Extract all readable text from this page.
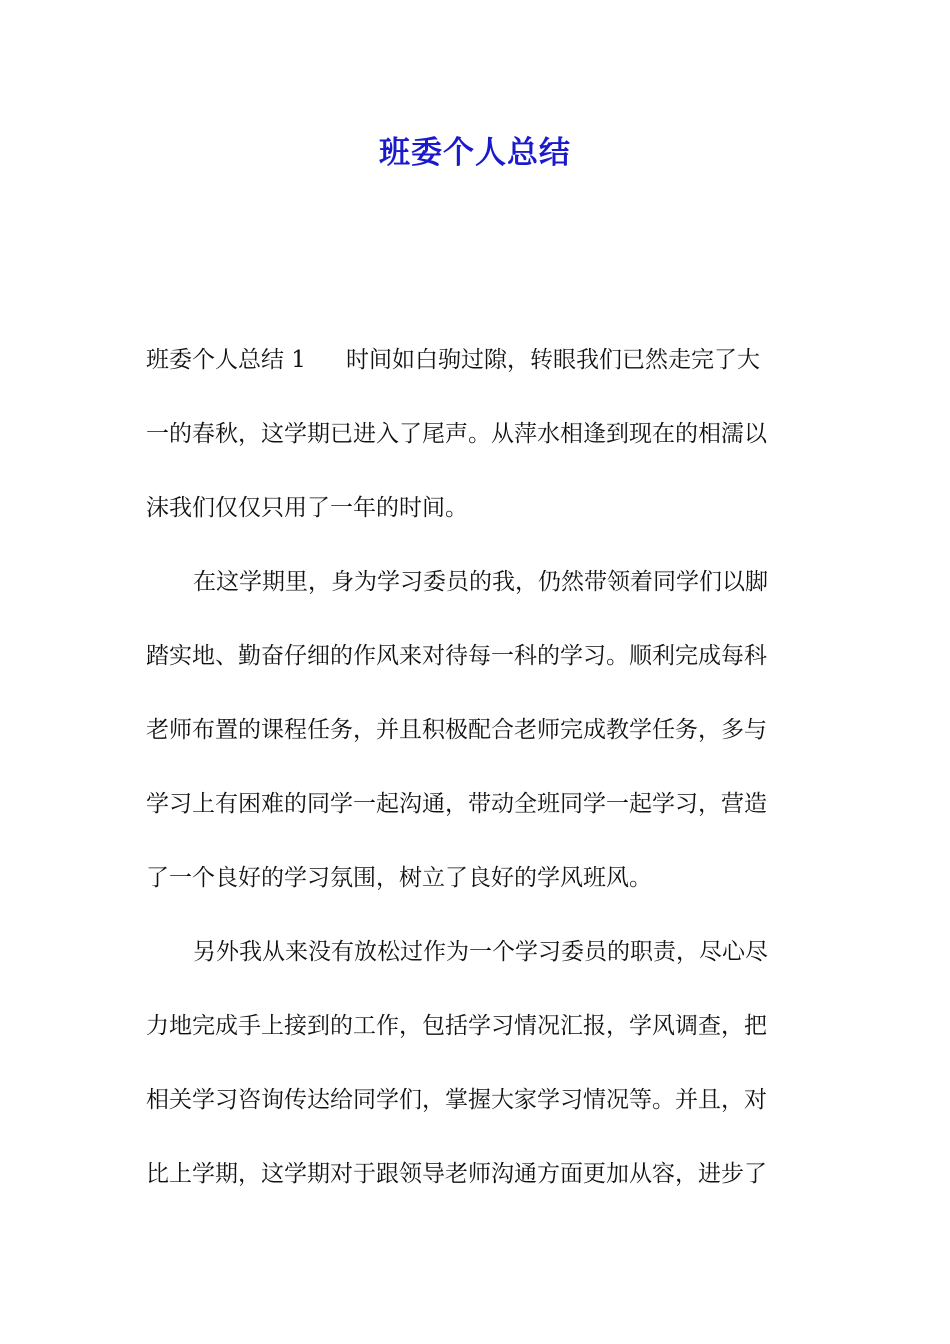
班委个人总结
班委个人总结 1 时间如白驹过隙，转眼我们已然走完了大
一的春秋，这学期已进入了尾声。从萍水相逢到现在的相濡以
沫我们仅仅只用了一年的时间。
在这学期里，身为学习委员的我，仍然带领着同学们以脚
踏实地、勤奋仔细的作风来对待每一科的学习。顺利完成每科
老师布置的课程任务，并且积极配合老师完成教学任务，多与
学习上有困难的同学一起沟通，带动全班同学一起学习，营造
了一个良好的学习氛围，树立了良好的学风班风。
另外我从来没有放松过作为一个学习委员的职责，尽心尽
力地完成手上接到的工作，包括学习情况汇报，学风调查，把
相关学习咨询传达给同学们，掌握大家学习情况等。并且，对
比上学期，这学期对于跟领导老师沟通方面更加从容，进步了
